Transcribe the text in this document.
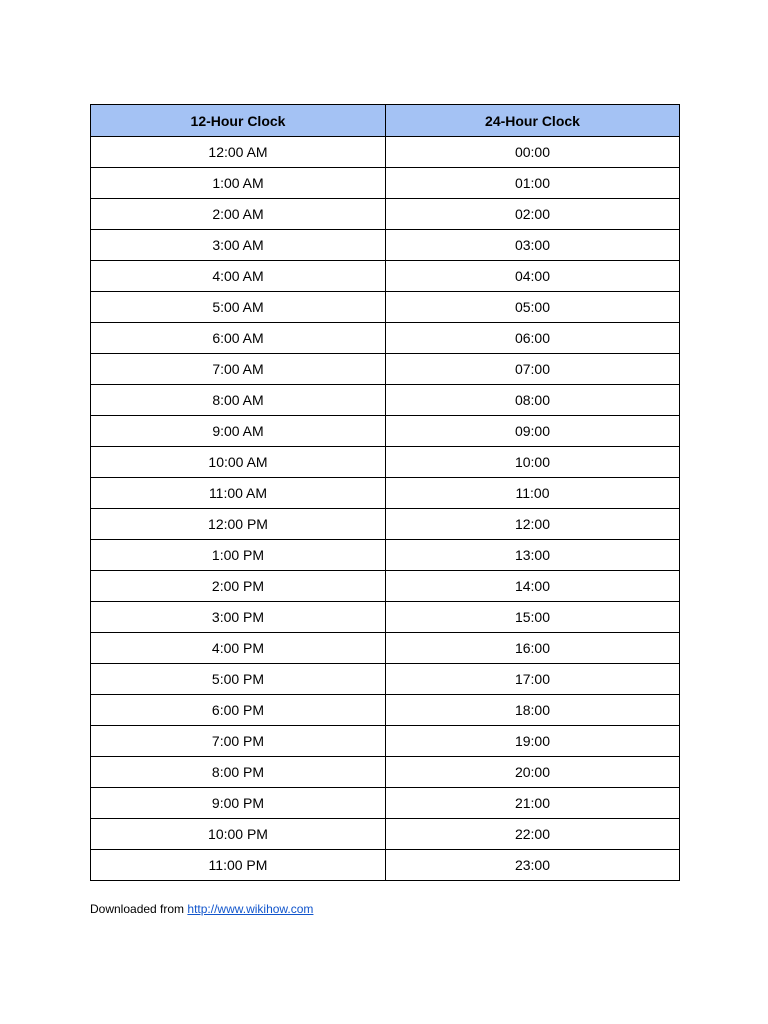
12-Hour Clock	24-Hour Clock
12:00 AM	00:00
1:00 AM	01:00
2:00 AM	02:00
3:00 AM	03:00
4:00 AM	04:00
5:00 AM	05:00
6:00 AM	06:00
7:00 AM	07:00
8:00 AM	08:00
9:00 AM	09:00
10:00 AM	10:00
11:00 AM	11:00
12:00 PM	12:00
1:00 PM	13:00
2:00 PM	14:00
3:00 PM	15:00
4:00 PM	16:00
5:00 PM	17:00
6:00 PM	18:00
7:00 PM	19:00
8:00 PM	20:00
9:00 PM	21:00
10:00 PM	22:00
11:00 PM	23:00
Downloaded from http://www.wikihow.com
